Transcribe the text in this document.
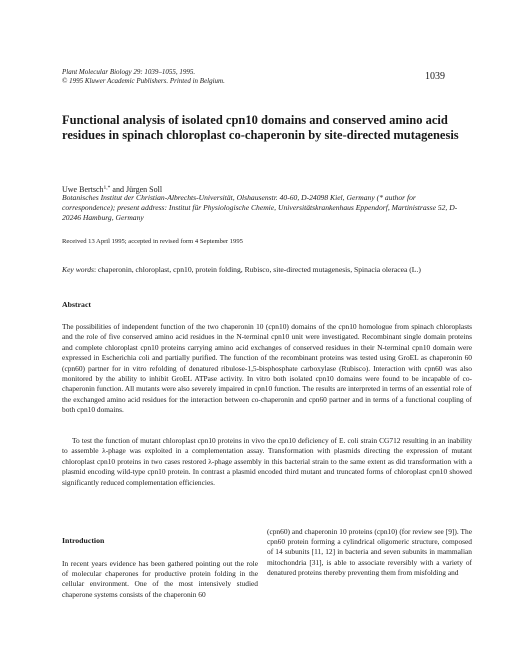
Plant Molecular Biology 29: 1039–1055, 1995.
© 1995 Kluwer Academic Publishers. Printed in Belgium.	1039
Functional analysis of isolated cpn10 domains and conserved amino acid residues in spinach chloroplast co-chaperonin by site-directed mutagenesis
Uwe Bertsch$^{1,*}$ and Jürgen Soll
Botanisches Institut der Christian-Albrechts-Universität, Olshausenstr. 40-60, D-24098 Kiel, Germany (* author for correspondence); present address: Institut für Physiologische Chemie, Universitätskrankenhaus Eppendorf, Martinistrasse 52, D-20246 Hamburg, Germany
Received 13 April 1995; accepted in revised form 4 September 1995
Key words: chaperonin, chloroplast, cpn10, protein folding, Rubisco, site-directed mutagenesis, Spinacia oleracea (L.)
Abstract
The possibilities of independent function of the two chaperonin 10 (cpn10) domains of the cpn10 homologue from spinach chloroplasts and the role of five conserved amino acid residues in the N-terminal cpn10 unit were investigated. Recombinant single domain proteins and complete chloroplast cpn10 proteins carrying amino acid exchanges of conserved residues in their N-terminal cpn10 domain were expressed in Escherichia coli and partially purified. The function of the recombinant proteins was tested using GroEL as chaperonin 60 (cpn60) partner for in vitro refolding of denatured ribulose-1,5-bisphosphate carboxylase (Rubisco). Interaction with cpn60 was also monitored by the ability to inhibit GroEL ATPase activity. In vitro both isolated cpn10 domains were found to be incapable of co-chaperonin function. All mutants were also severely impaired in cpn10 function. The results are interpreted in terms of an essential role of the exchanged amino acid residues for the interaction between co-chaperonin and cpn60 partner and in terms of a functional coupling of both cpn10 domains.
To test the function of mutant chloroplast cpn10 proteins in vivo the cpn10 deficiency of E. coli strain CG712 resulting in an inability to assemble λ-phage was exploited in a complementation assay. Transformation with plasmids directing the expression of mutant chloroplast cpn10 proteins in two cases restored λ-phage assembly in this bacterial strain to the same extent as did transformation with a plasmid encoding wild-type cpn10 protein. In contrast a plasmid encoded third mutant and truncated forms of chloroplast cpn10 showed significantly reduced complementation efficiencies.
Introduction
In recent years evidence has been gathered pointing out the role of molecular chaperones for productive protein folding in the cellular environment. One of the most intensively studied chaperone systems consists of the chaperonin 60
(cpn60) and chaperonin 10 proteins (cpn10) (for review see [9]). The cpn60 protein forming a cylindrical oligomeric structure, composed of 14 subunits [11, 12] in bacteria and seven subunits in mammalian mitochondria [31], is able to associate reversibly with a variety of denatured proteins thereby preventing them from misfolding and
